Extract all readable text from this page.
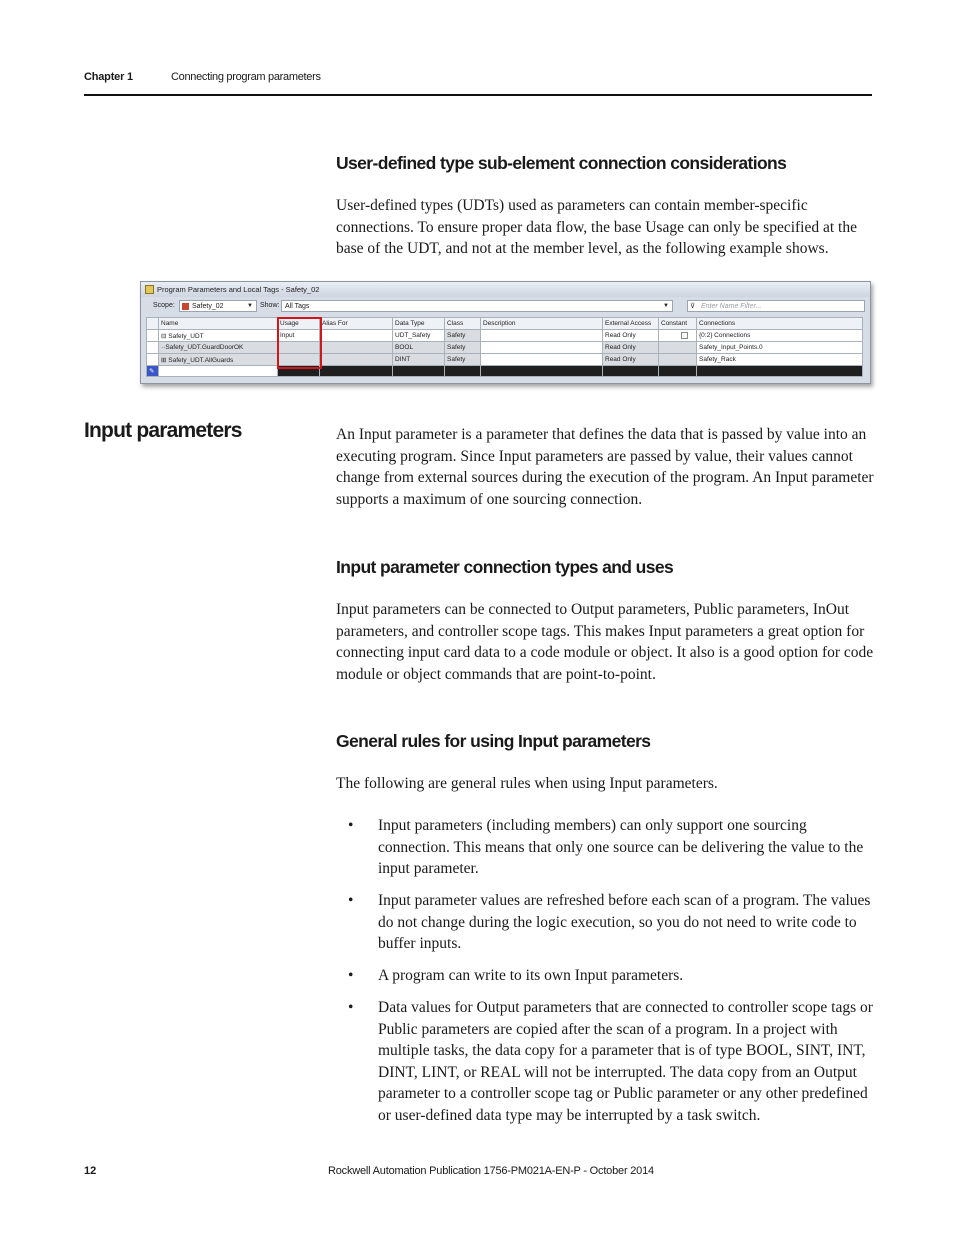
Chapter 1	Connecting program parameters
User-defined type sub-element connection considerations

User-defined types (UDTs) used as parameters can contain member-specific connections. To ensure proper data flow, the base Usage can only be specified at the base of the UDT, and not at the member level, as the following example shows.

Program Parameters and Local Tags - Safety_02
Scope:	Safety_02	▼ Show: All Tags	▼	⊽ Enter Name Filter...
	Name	Usage	Alias For	Data Type	Class	Description	External Access	Constant	Connections
	⊟ Safety_UDT	Input		UDT_Safety	Safety		Read Only		{0:2} Connections
	··Safety_UDT.GuardDoorOK			BOOL	Safety		Read Only		Safety_Input_Points.0
	⊞ Safety_UDT.AllGuards			DINT	Safety		Read Only		Safety_Rack
✎									
Input parameters	An Input parameter is a parameter that defines the data that is passed by value into an executing program. Since Input parameters are passed by value, their values cannot change from external sources during the execution of the program. An Input parameter supports a maximum of one sourcing connection.

Input parameter connection types and uses

Input parameters can be connected to Output parameters, Public parameters, InOut parameters, and controller scope tags. This makes Input parameters a great option for connecting input card data to a code module or object. It also is a good option for code module or object commands that are point-to-point.

General rules for using Input parameters

The following are general rules when using Input parameters.

• Input parameters (including members) can only support one sourcing connection. This means that only one source can be delivering the value to the input parameter.
• Input parameter values are refreshed before each scan of a program. The values do not change during the logic execution, so you do not need to write code to buffer inputs.
• A program can write to its own Input parameters.
• Data values for Output parameters that are connected to controller scope tags or Public parameters are copied after the scan of a program. In a project with multiple tasks, the data copy for a parameter that is of type BOOL, SINT, INT, DINT, LINT, or REAL will not be interrupted. The data copy from an Output parameter to a controller scope tag or Public parameter or any other predefined or user-defined data type may be interrupted by a task switch.
12	Rockwell Automation Publication 1756-PM021A-EN-P - October 2014
